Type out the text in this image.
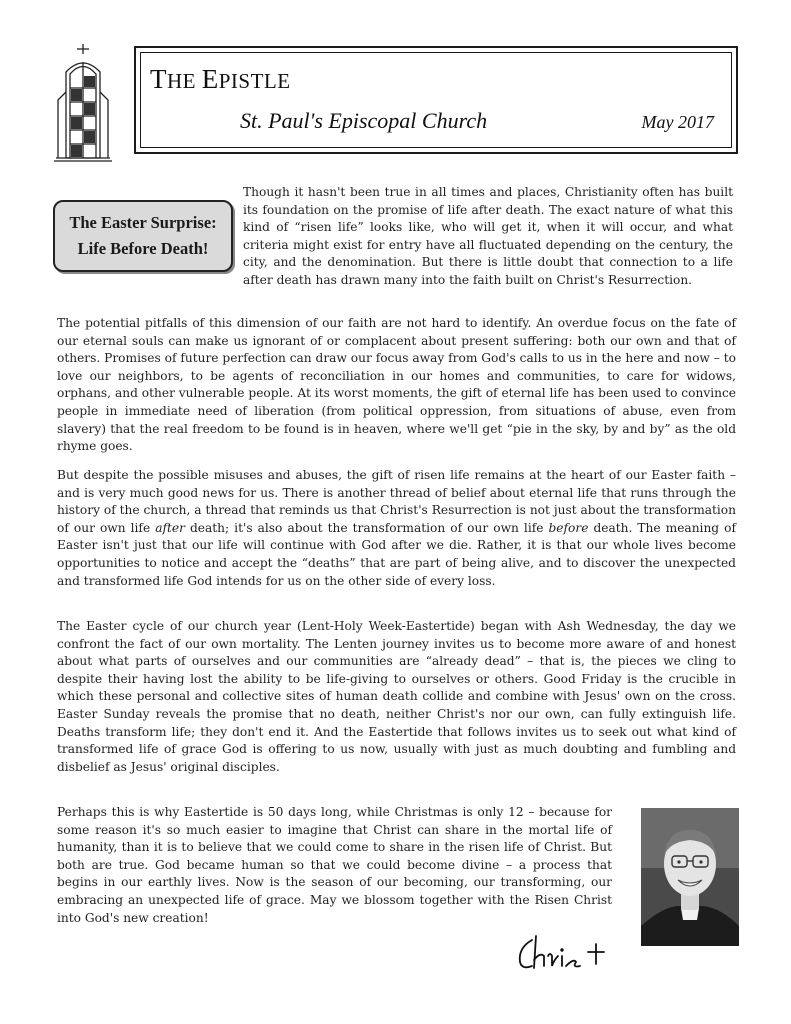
THE EPISTLE
St. Paul's Episcopal Church	May 2017
The Easter Surprise:
Life Before Death!
Though it hasn't been true in all times and places, Christianity often has built its foundation on the promise of life after death. The exact nature of what this kind of “risen life” looks like, who will get it, when it will occur, and what criteria might exist for entry have all fluctuated depending on the century, the city, and the denomination. But there is little doubt that connection to a life after death has drawn many into the faith built on Christ's Resurrection.
The potential pitfalls of this dimension of our faith are not hard to identify. An overdue focus on the fate of our eternal souls can make us ignorant of or complacent about present suffering: both our own and that of others. Promises of future perfection can draw our focus away from God's calls to us in the here and now – to love our neighbors, to be agents of reconciliation in our homes and communities, to care for widows, orphans, and other vulnerable people. At its worst moments, the gift of eternal life has been used to convince people in immediate need of liberation (from political oppression, from situations of abuse, even from slavery) that the real freedom to be found is in heaven, where we'll get “pie in the sky, by and by” as the old rhyme goes.
But despite the possible misuses and abuses, the gift of risen life remains at the heart of our Easter faith – and is very much good news for us. There is another thread of belief about eternal life that runs through the history of the church, a thread that reminds us that Christ's Resurrection is not just about the transformation of our own life after death; it's also about the transformation of our own life before death. The meaning of Easter isn't just that our life will continue with God after we die. Rather, it is that our whole lives become opportunities to notice and accept the “deaths” that are part of being alive, and to discover the unexpected and transformed life God intends for us on the other side of every loss.
The Easter cycle of our church year (Lent-Holy Week-Eastertide) began with Ash Wednesday, the day we confront the fact of our own mortality. The Lenten journey invites us to become more aware of and honest about what parts of ourselves and our communities are “already dead” – that is, the pieces we cling to despite their having lost the ability to be life-giving to ourselves or others. Good Friday is the crucible in which these personal and collective sites of human death collide and combine with Jesus' own on the cross. Easter Sunday reveals the promise that no death, neither Christ's nor our own, can fully extinguish life. Deaths transform life; they don't end it. And the Eastertide that follows invites us to seek out what kind of transformed life of grace God is offering to us now, usually with just as much doubting and fumbling and disbelief as Jesus' original disciples.
Perhaps this is why Eastertide is 50 days long, while Christmas is only 12 – because for some reason it's so much easier to imagine that Christ can share in the mortal life of humanity, than it is to believe that we could come to share in the risen life of Christ. But both are true. God became human so that we could become divine – a process that begins in our earthly lives. Now is the season of our becoming, our transforming, our embracing an unexpected life of grace. May we blossom together with the Risen Christ into God's new creation!
